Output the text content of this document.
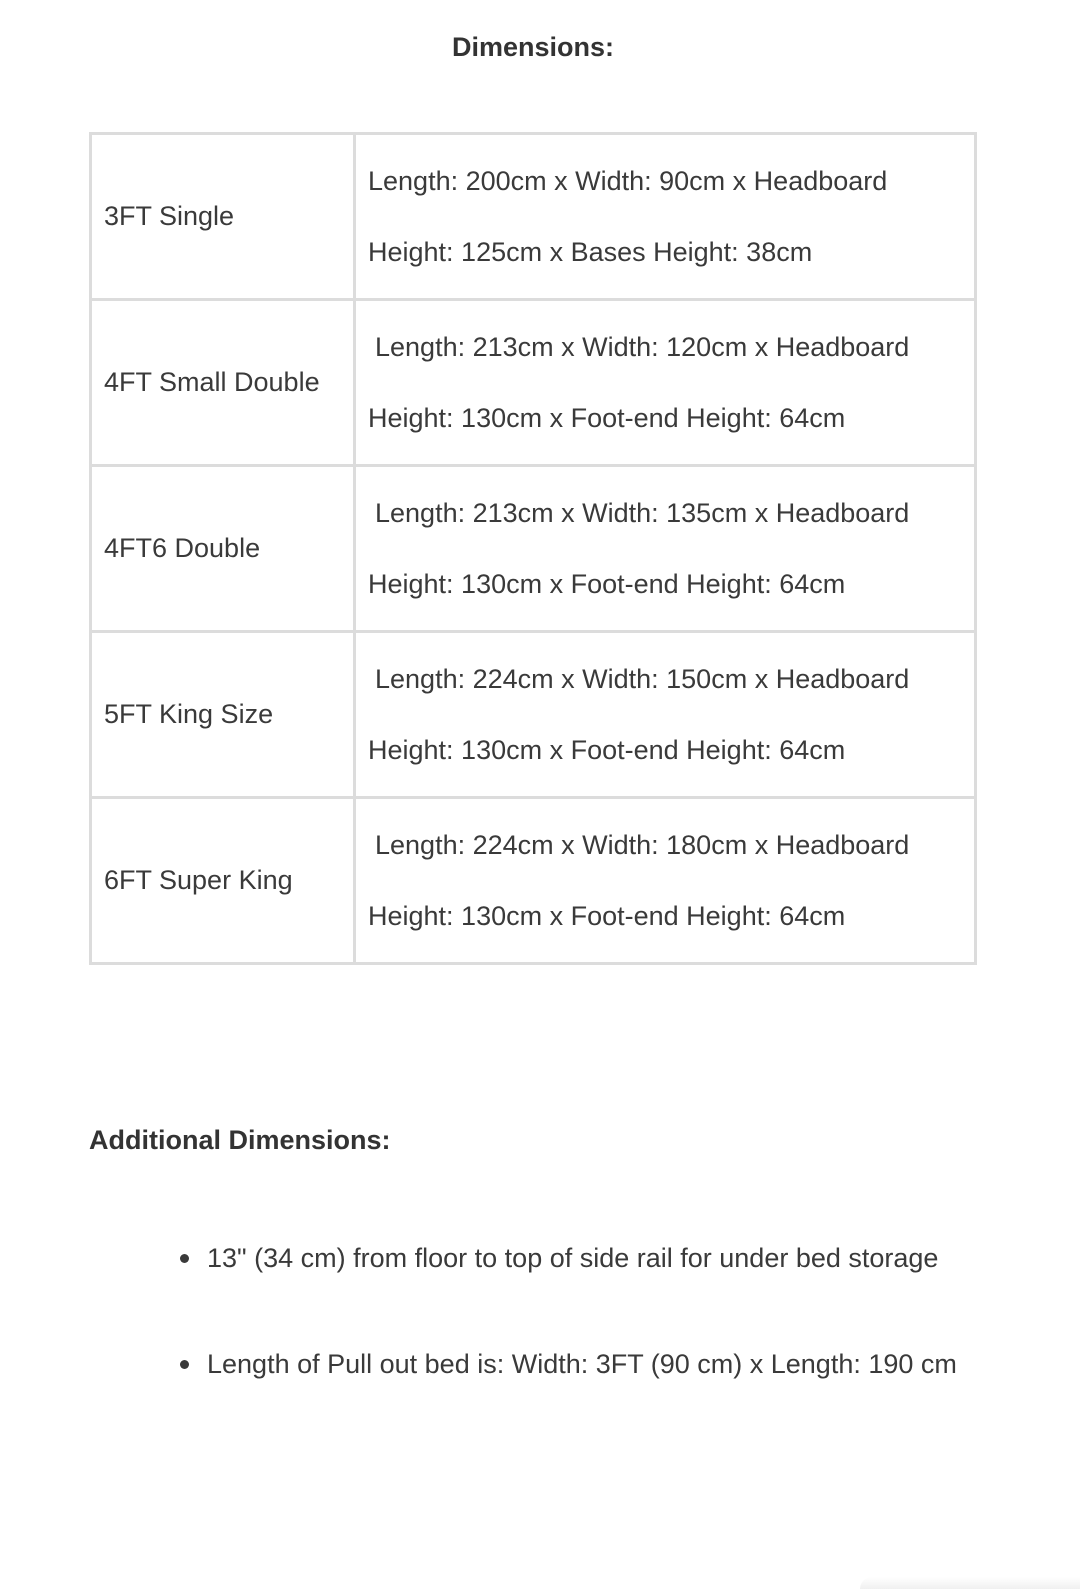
Dimensions:
3FT Single	Length: 200cm x Width: 90cm x Headboard
Height: 125cm x Bases Height: 38cm

4FT Small Double	Length: 213cm x Width: 120cm x Headboard
Height: 130cm x Foot-end Height: 64cm

4FT6 Double	Length: 213cm x Width: 135cm x Headboard
Height: 130cm x Foot-end Height: 64cm

5FT King Size	Length: 224cm x Width: 150cm x Headboard
Height: 130cm x Foot-end Height: 64cm

6FT Super King	Length: 224cm x Width: 180cm x Headboard
Height: 130cm x Foot-end Height: 64cm
Additional Dimensions:
13" (34 cm) from floor to top of side rail for under bed storage
Length of Pull out bed is: Width: 3FT (90 cm) x Length: 190 cm
